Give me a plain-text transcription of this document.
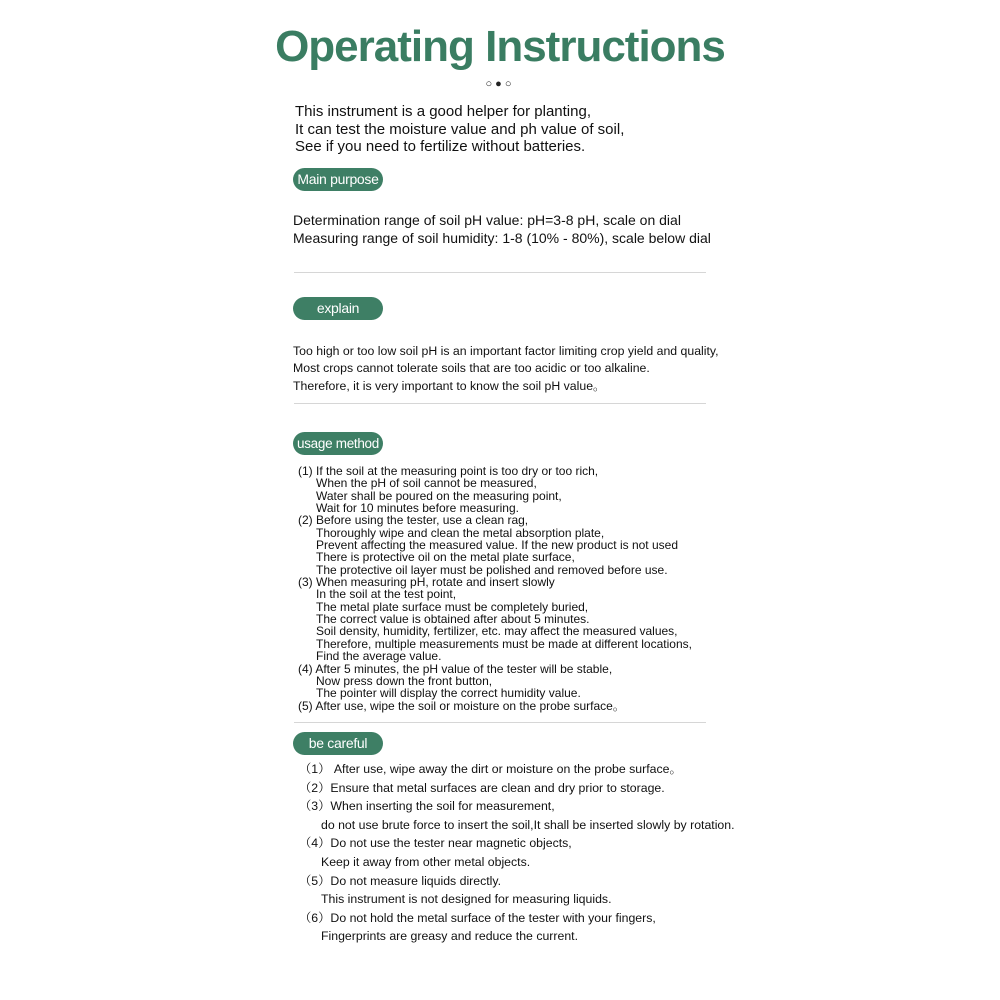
Operating Instructions
○●○
This instrument is a good helper for planting,
It can test the moisture value and ph value of soil,
See if you need to fertilize without batteries.
Main purpose
Determination range of soil pH value: pH=3-8 pH, scale on dial
Measuring range of soil humidity: 1-8 (10% - 80%), scale below dial
explain
Too high or too low soil pH is an important factor limiting crop yield and quality,
Most crops cannot tolerate soils that are too acidic or too alkaline.
Therefore, it is very important to know the soil pH value。
usage method
(1) If the soil at the measuring point is too dry or too rich,
When the pH of soil cannot be measured,
Water shall be poured on the measuring point,
Wait for 10 minutes before measuring.
(2) Before using the tester, use a clean rag,
Thoroughly wipe and clean the metal absorption plate,
Prevent affecting the measured value. If the new product is not used
There is protective oil on the metal plate surface,
The protective oil layer must be polished and removed before use.
(3) When measuring pH, rotate and insert slowly
In the soil at the test point,
The metal plate surface must be completely buried,
The correct value is obtained after about 5 minutes.
Soil density, humidity, fertilizer, etc. may affect the measured values,
Therefore, multiple measurements must be made at different locations,
Find the average value.
(4) After 5 minutes, the pH value of the tester will be stable,
Now press down the front button,
The pointer will display the correct humidity value.
(5) After use, wipe the soil or moisture on the probe surface。
be careful
（1） After use, wipe away the dirt or moisture on the probe surface。
（2）Ensure that metal surfaces are clean and dry prior to storage.
（3）When inserting the soil for measurement,
do not use brute force to insert the soil,It shall be inserted slowly by rotation.
（4）Do not use the tester near magnetic objects,
Keep it away from other metal objects.
（5）Do not measure liquids directly.
This instrument is not designed for measuring liquids.
（6）Do not hold the metal surface of the tester with your fingers,
Fingerprints are greasy and reduce the current.
